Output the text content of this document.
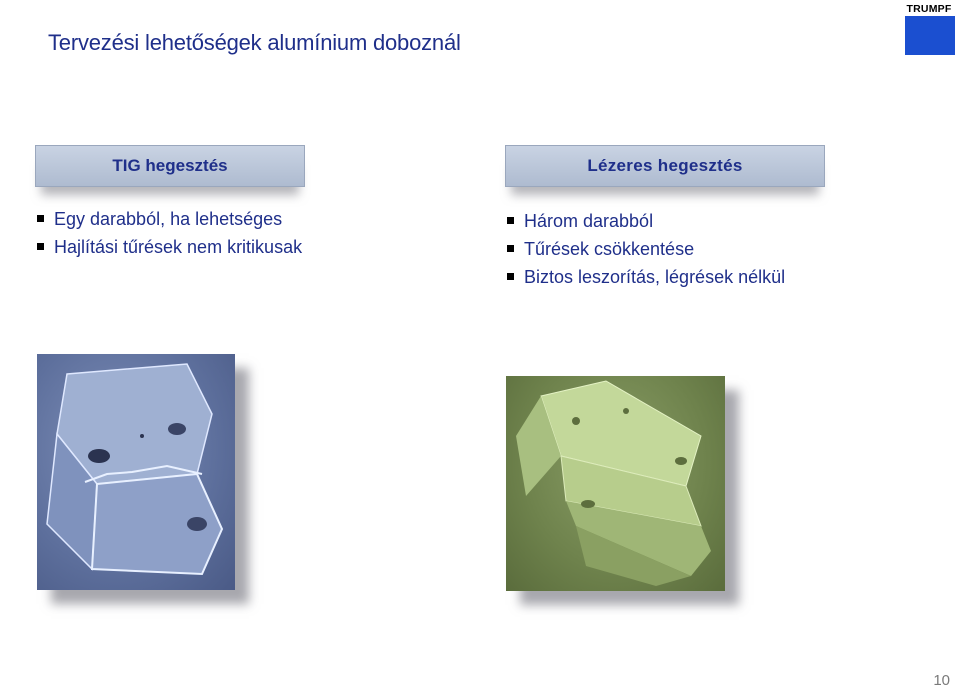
Tervezési lehetőségek alumínium doboznál
TRUMPF
TIG hegesztés
Egy darabból, ha lehetséges
Hajlítási tűrések nem kritikusak
Lézeres hegesztés
Három darabból
Tűrések csökkentése
Biztos leszorítás, légrések nélkül
10
